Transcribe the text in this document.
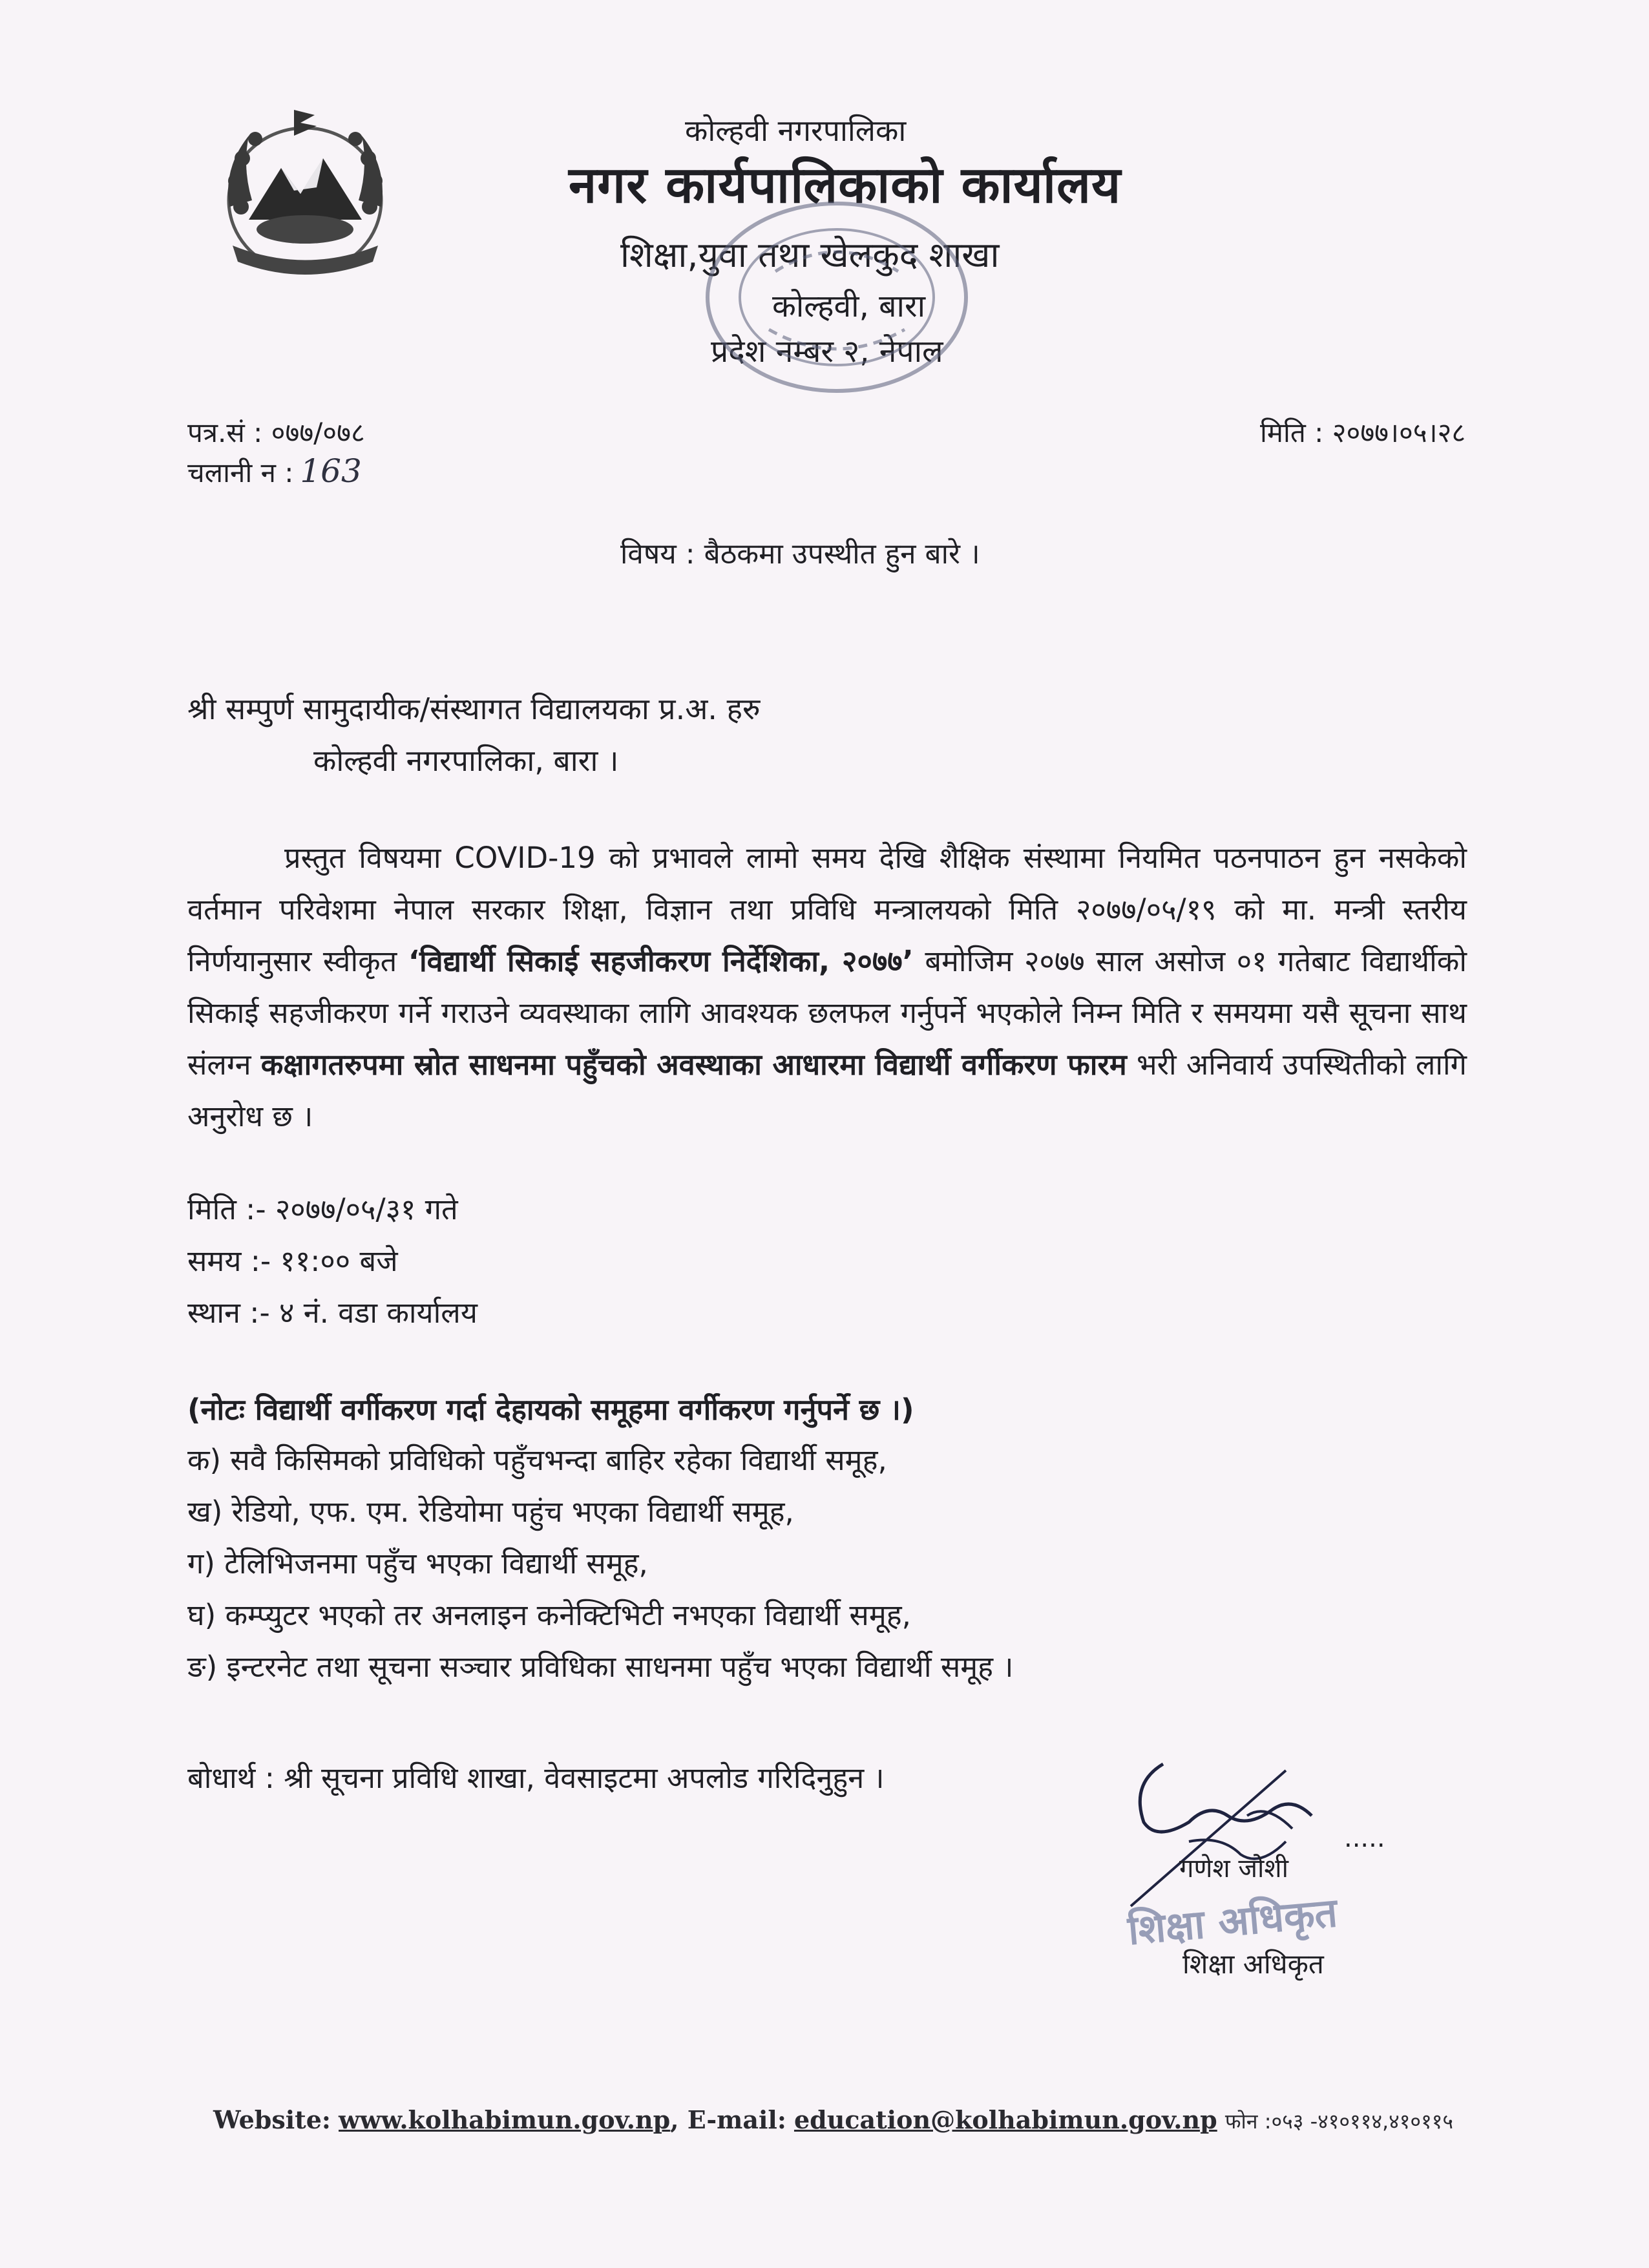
कोल्हवी नगरपालिका
नगर कार्यपालिकाको कार्यालय
शिक्षा,युवा तथा खेलकुद शाखा
कोल्हवी, बारा
प्रदेश नम्बर २, नेपाल
पत्र.सं : ०७७/०७८
चलानी न : 163
मिति : २०७७।०५।२८
विषय : बैठकमा उपस्थीत हुन बारे ।
श्री सम्पुर्ण सामुदायीक/संस्थागत विद्यालयका प्र.अ. हरु
कोल्हवी नगरपालिका, बारा ।
प्रस्तुत विषयमा COVID-19 को प्रभावले लामो समय देखि शैक्षिक संस्थामा नियमित पठनपाठन हुन नसकेको वर्तमान परिवेशमा नेपाल सरकार शिक्षा, विज्ञान तथा प्रविधि मन्त्रालयको मिति २०७७/०५/१९ को मा. मन्त्री स्तरीय निर्णयानुसार स्वीकृत ‘विद्यार्थी सिकाई सहजीकरण निर्देशिका, २०७७’ बमोजिम २०७७ साल असोज ०१ गतेबाट विद्यार्थीको सिकाई सहजीकरण गर्ने गराउने व्यवस्थाका लागि आवश्यक छलफल गर्नुपर्ने भएकोले निम्न मिति र समयमा यसै सूचना साथ संलग्न कक्षागतरुपमा स्रोत साधनमा पहुँचको अवस्थाका आधारमा विद्यार्थी वर्गीकरण फारम भरी अनिवार्य उपस्थितीको लागि अनुरोध छ ।
मिति :- २०७७/०५/३१ गते
समय :- ११:०० बजे
स्थान :- ४ नं. वडा कार्यालय
(नोटः विद्यार्थी वर्गीकरण गर्दा देहायको समूहमा वर्गीकरण गर्नुपर्ने छ ।)
क) सवै किसिमको प्रविधिको पहुँचभन्दा बाहिर रहेका विद्यार्थी समूह,
ख) रेडियो, एफ. एम. रेडियोमा पहुंच भएका विद्यार्थी समूह,
ग) टेलिभिजनमा पहुँच भएका विद्यार्थी समूह,
घ) कम्प्युटर भएको तर अनलाइन कनेक्टिभिटी नभएका विद्यार्थी समूह,
ङ) इन्टरनेट तथा सूचना सञ्चार प्रविधिका साधनमा पहुँच भएका विद्यार्थी समूह ।
बोधार्थ : श्री सूचना प्रविधि शाखा, वेवसाइटमा अपलोड गरिदिनुहुन ।
.....
गणेश जोशी
शिक्षा अधिकृत
शिक्षा अधिकृत
Website: www.kolhabimun.gov.np, E-mail: education@kolhabimun.gov.np फोन :०५३ -४१०११४,४१०११५
